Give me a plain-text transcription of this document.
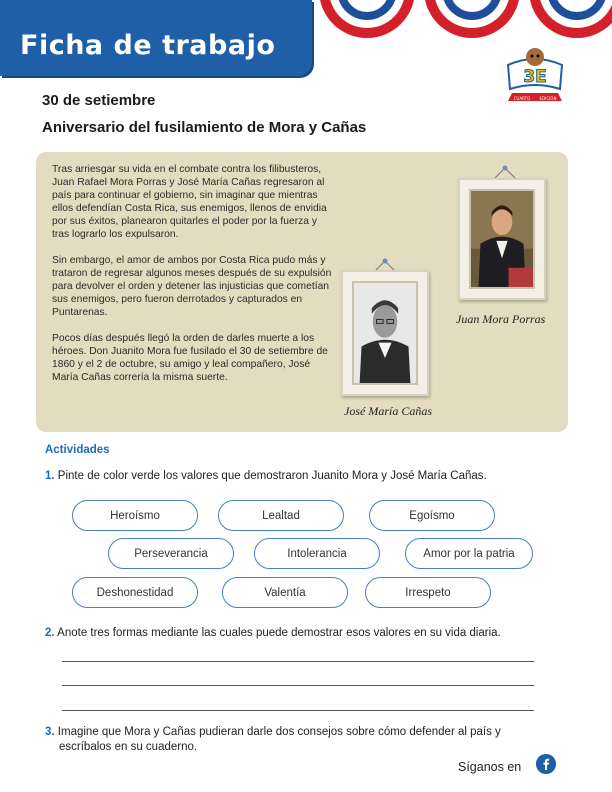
Ficha de trabajo
3E
CUARTO EDICIÓN
30 de setiembre
Aniversario del fusilamiento de Mora y Cañas

Tras arriesgar su vida en el combate contra los filibusteros, Juan Rafael Mora Porras y José María Cañas regresaron al país para continuar el gobierno, sin imaginar que mientras ellos defendían Costa Rica, sus enemigos, llenos de envidia por sus éxitos, planearon quitarles el poder por la fuerza y tras lograrlo los expulsaron.

Sin embargo, el amor de ambos por Costa Rica pudo más y trataron de regresar algunos meses después de su expulsión para devolver el orden y detener las injusticias que cometían sus enemigos, pero fueron derrotados y capturados en Puntarenas.

Pocos días después llegó la orden de darles muerte a los héroes. Don Juanito Mora fue fusilado el 30 de setiembre de 1860 y el 2 de octubre, su amigo y leal compañero, José María Cañas correría la misma suerte.

Juan Mora Porras
José María Cañas
Actividades
1. Pinte de color verde los valores que demostraron Juanito Mora y José María Cañas.
Heroísmo	Lealtad	Egoísmo
Perseverancia	Intolerancia	Amor por la patria
Deshonestidad	Valentía	Irrespeto
2. Anote tres formas mediante las cuales puede demostrar esos valores en su vida diaria.
3. Imagine que Mora y Cañas pudieran darle dos consejos sobre cómo defender al país y
escríbalos en su cuaderno.
Síganos en
